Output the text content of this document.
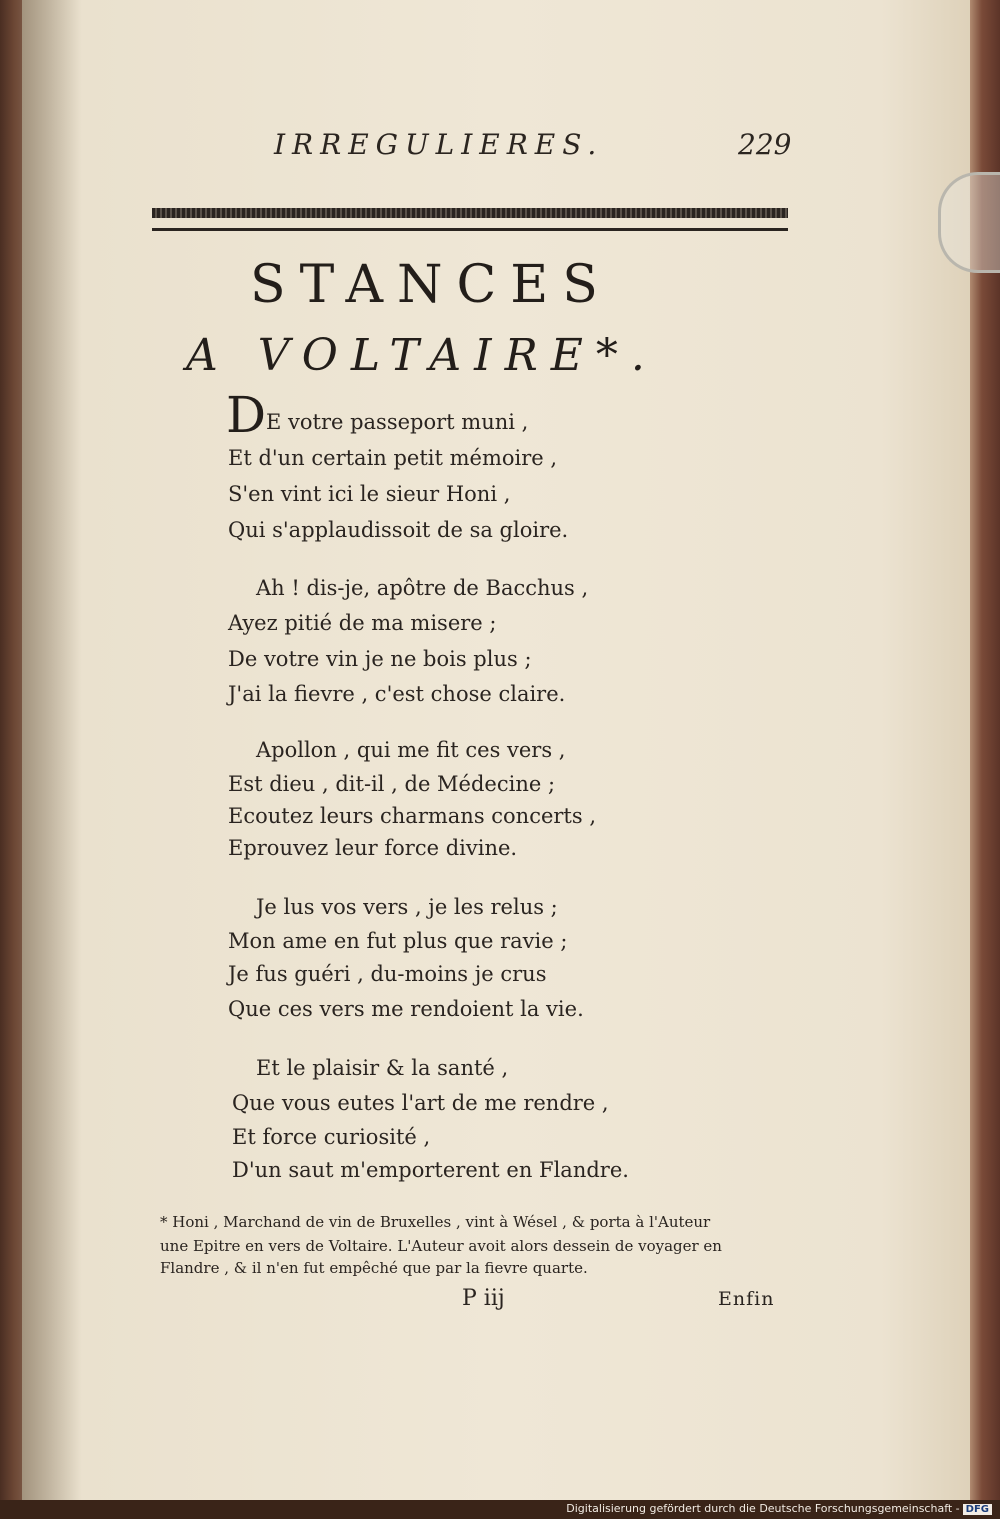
IRREGULIERES.	229
STANCES
A VOLTAIRE*.
D E votre passeport muni ,
Et d'un certain petit mémoire ,
S'en vint ici le sieur Honi ,
Qui s'applaudissoit de sa gloire.
Ah ! dis-je, apôtre de Bacchus ,
Ayez pitié de ma misere ;
De votre vin je ne bois plus ;
J'ai la fievre , c'est chose claire.
Apollon , qui me fit ces vers ,
Est dieu , dit-il , de Médecine ;
Ecoutez leurs charmans concerts ,
Eprouvez leur force divine.
Je lus vos vers , je les relus ;
Mon ame en fut plus que ravie ;
Je fus guéri , du-moins je crus
Que ces vers me rendoient la vie.
Et le plaisir & la santé ,
Que vous eutes l'art de me rendre ,
Et force curiosité ,
D'un saut m'emporterent en Flandre.
* Honi , Marchand de vin de Bruxelles , vint à Wésel , & porta à l'Auteur
une Epitre en vers de Voltaire. L'Auteur avoit alors dessein de voyager en
Flandre , & il n'en fut empêché que par la fievre quarte.
P iij	Enfin
Digitalisierung gefördert durch die Deutsche Forschungsgemeinschaft - DFG
